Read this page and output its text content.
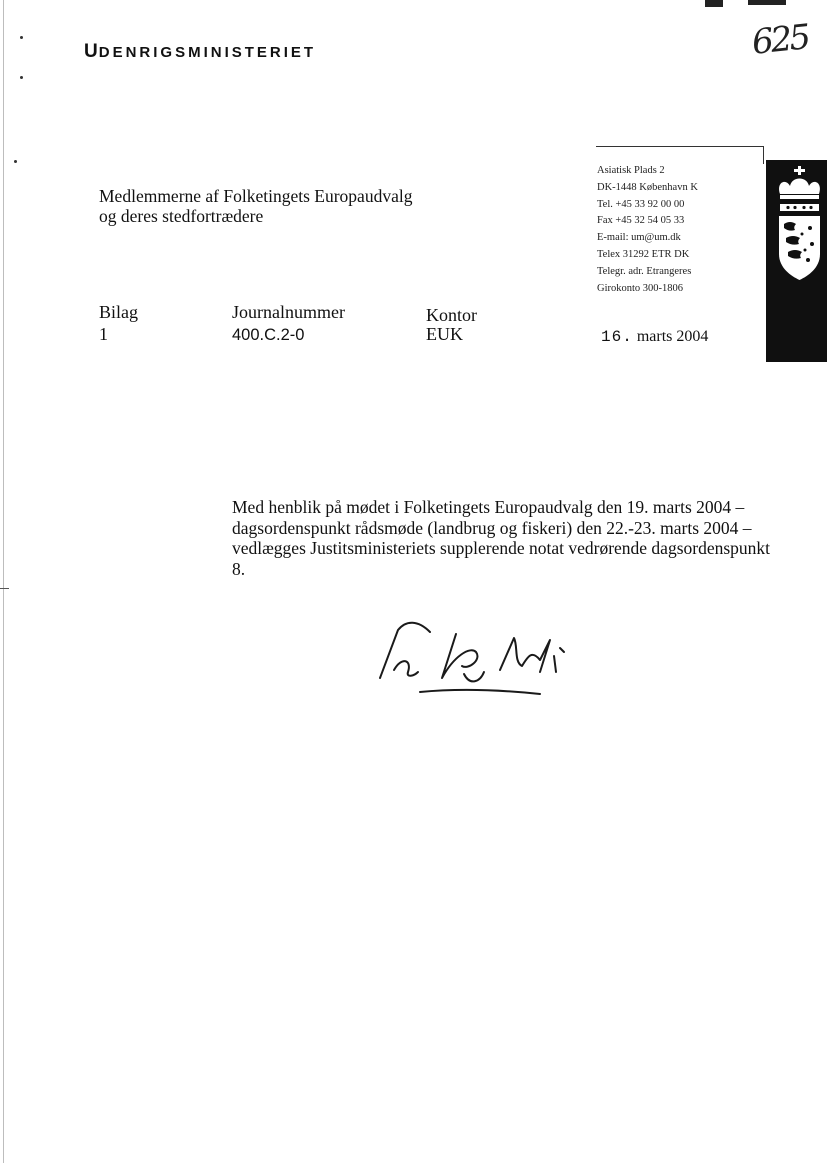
UDENRIGSMINISTERIET	625
Medlemmerne af Folketingets Europaudvalg
og deres stedfortrædere
Asiatisk Plads 2
DK-1448 København K
Tel. +45 33 92 00 00
Fax +45 32 54 05 33
E-mail: um@um.dk
Telex 31292 ETR DK
Telegr. adr. Etrangeres
Girokonto 300-1806
Bilag
1
Journalnummer
400.C.2-0
Kontor
EUK	16. marts 2004
Med henblik på mødet i Folketingets Europaudvalg den 19. marts 2004 –
dagsordenspunkt rådsmøde (landbrug og fiskeri) den 22.-23. marts 2004 –
vedlægges Justitsministeriets supplerende notat vedrørende dagsordenspunkt
8.
